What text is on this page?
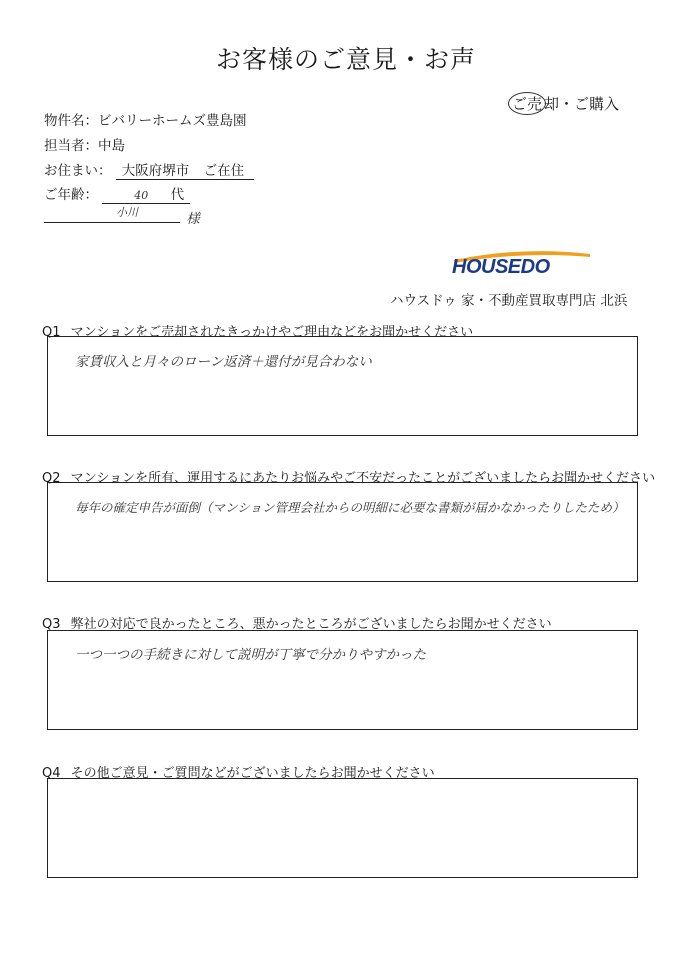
お客様のご意見・お声
ご売 却・ご購入
物件名：ビバリーホームズ豊島園
担当者：中島
お住まい： 大阪府堺市 ご在住
ご年齢：	40 代
小川	様
HOUSEDO
ハウスドゥ 家・不動産買取専門店 北浜
Q1 マンションをご売却されたきっかけやご理由などをお聞かせください
家賃収入と月々のローン返済＋還付が見合わない
Q2 マンションを所有、運用するにあたりお悩みやご不安だったことがございましたらお聞かせください
毎年の確定申告が面倒（マンション管理会社からの明細に必要な書類が届かなかったりしたため）
Q3 弊社の対応で良かったところ、悪かったところがございましたらお聞かせください
一つ一つの手続きに対して説明が丁寧で分かりやすかった
Q4 その他ご意見・ご質問などがございましたらお聞かせください
